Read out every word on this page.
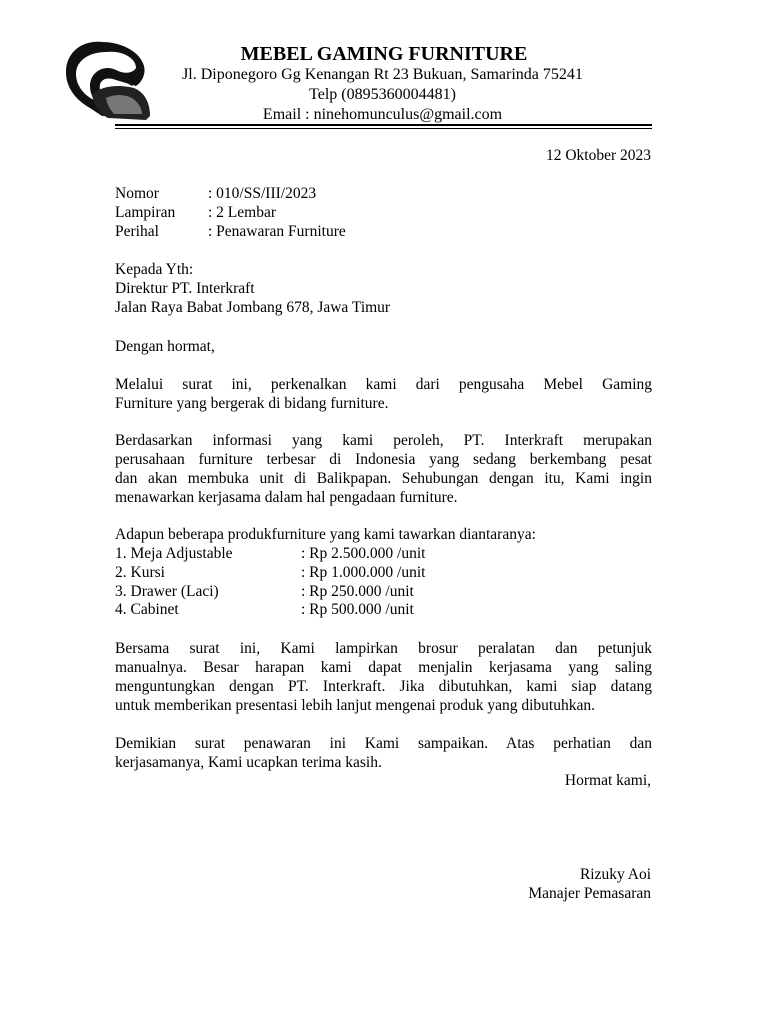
MEBEL GAMING FURNITURE
Jl. Diponegoro Gg Kenangan Rt 23 Bukuan, Samarinda 75241
Telp (0895360004481)
Email : ninehomunculus@gmail.com
12 Oktober 2023
Nomor	: 010/SS/III/2023
Lampiran : 2 Lembar
Perihal	: Penawaran Furniture
Kepada Yth:
Direktur PT. Interkraft
Jalan Raya Babat Jombang 678, Jawa Timur
Dengan hormat,
Melalui surat ini, perkenalkan kami dari pengusaha Mebel Gaming
Furniture yang bergerak di bidang furniture.
Berdasarkan informasi yang kami peroleh, PT. Interkraft merupakan
perusahaan furniture terbesar di Indonesia yang sedang berkembang pesat
dan akan membuka unit di Balikpapan. Sehubungan dengan itu, Kami ingin
menawarkan kerjasama dalam hal pengadaan furniture.
Adapun beberapa produkfurniture yang kami tawarkan diantaranya:
1. Meja Adjustable	: Rp 2.500.000 /unit
2. Kursi	: Rp 1.000.000 /unit
3. Drawer (Laci)	: Rp 250.000 /unit
4. Cabinet	: Rp 500.000 /unit
Bersama surat ini, Kami lampirkan brosur peralatan dan petunjuk
manualnya. Besar harapan kami dapat menjalin kerjasama yang saling
menguntungkan dengan PT. Interkraft. Jika dibutuhkan, kami siap datang
untuk memberikan presentasi lebih lanjut mengenai produk yang dibutuhkan.
Demikian surat penawaran ini Kami sampaikan. Atas perhatian dan
kerjasamanya, Kami ucapkan terima kasih.
Hormat kami,
Rizuky Aoi
Manajer Pemasaran
